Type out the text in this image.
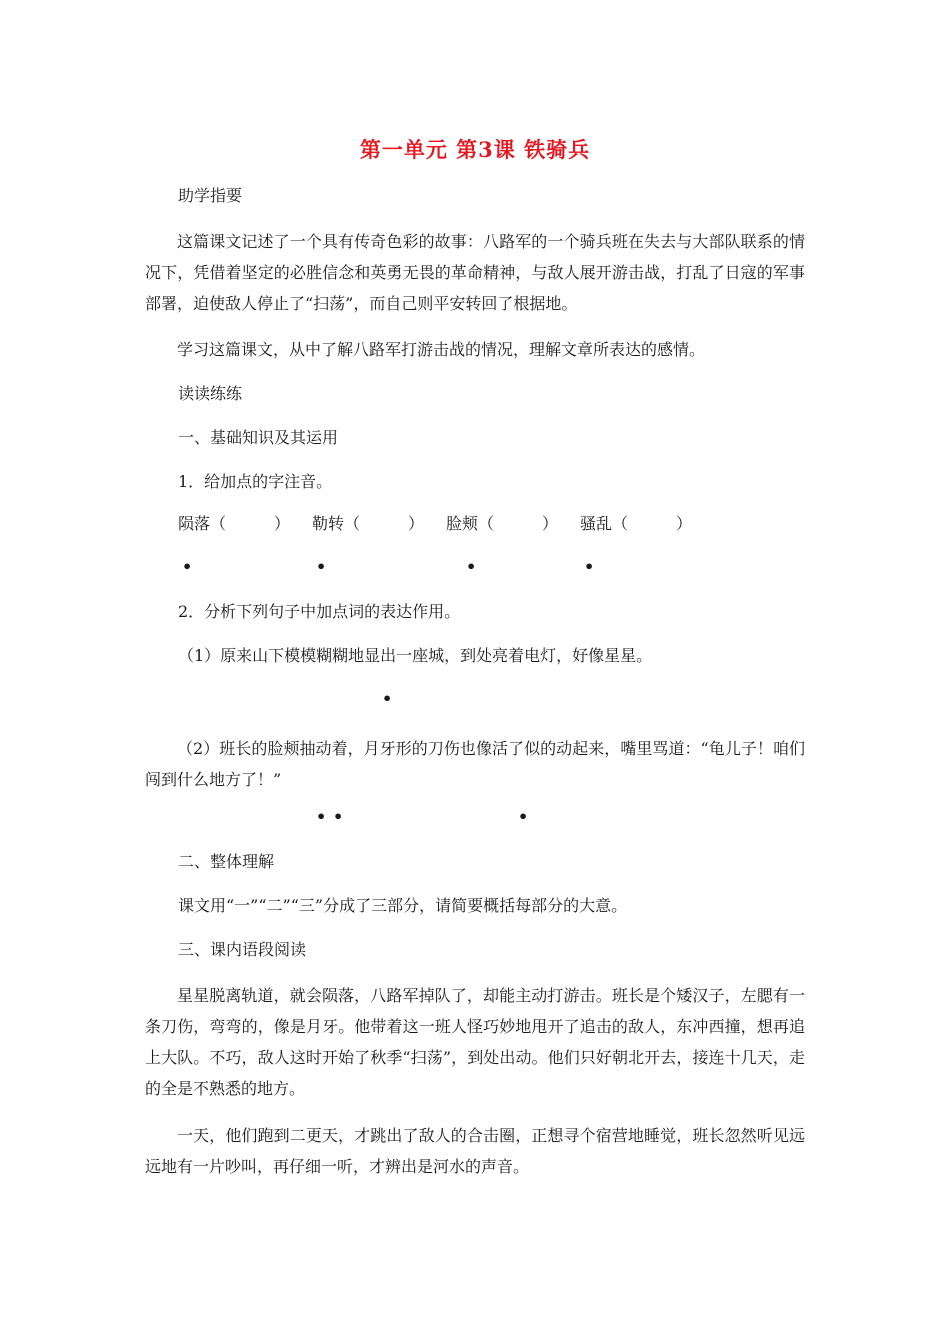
第一单元 第3课 铁骑兵
助学指要
这篇课文记述了一个具有传奇色彩的故事：八路军的一个骑兵班在失去与大部队联系的情况下，凭借着坚定的必胜信念和英勇无畏的革命精神，与敌人展开游击战，打乱了日寇的军事部署，迫使敌人停止了“扫荡”，而自己则平安转回了根据地。
学习这篇课文，从中了解八路军打游击战的情况，理解文章所表达的感情。
读读练练
一、基础知识及其运用
1．给加点的字注音。
陨落（　　　） 勒转（　　　） 脸颊（　　　） 骚乱（　　　）
•	•	•	•
2．分析下列句子中加点词的表达作用。
（1）原来山下模模糊糊地显出一座城，到处亮着电灯，好像星星。
•
（2）班长的脸颊抽动着，月牙形的刀伤也像活了似的动起来，嘴里骂道：“龟儿子！咱们闯到什么地方了！”
• •	•
二、整体理解
课文用“一”“二”“三”分成了三部分，请简要概括每部分的大意。
三、课内语段阅读
星星脱离轨道，就会陨落，八路军掉队了，却能主动打游击。班长是个矮汉子，左腮有一条刀伤，弯弯的，像是月牙。他带着这一班人怪巧妙地甩开了追击的敌人，东冲西撞，想再追上大队。不巧，敌人这时开始了秋季“扫荡”，到处出动。他们只好朝北开去，接连十几天，走的全是不熟悉的地方。
一天，他们跑到二更天，才跳出了敌人的合击圈，正想寻个宿营地睡觉，班长忽然听见远远地有一片吵叫，再仔细一听，才辨出是河水的声音。
